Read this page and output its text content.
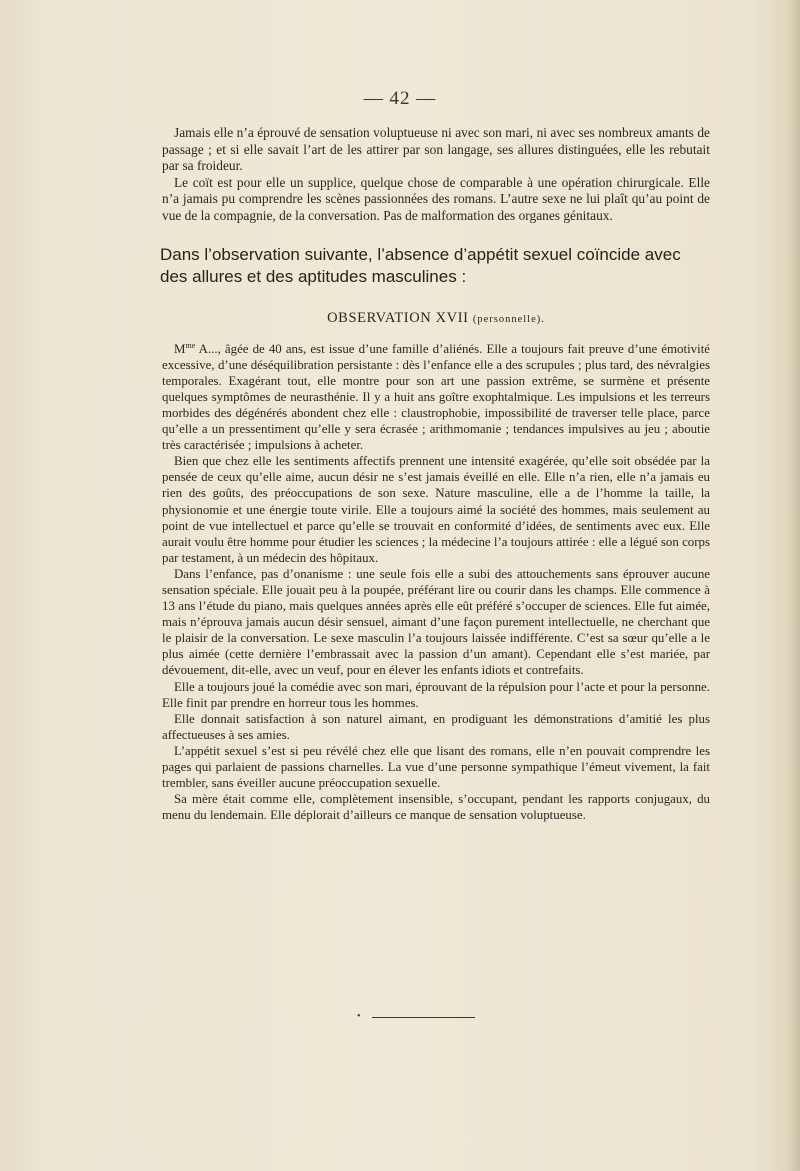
— 42 —

Jamais elle n’a éprouvé de sensation voluptueuse ni avec son mari, ni avec ses nombreux amants de passage ; et si elle savait l’art de les attirer par son langage, ses allures distinguées, elle les rebutait par sa froideur.

Le coït est pour elle un supplice, quelque chose de comparable à une opération chirurgicale. Elle n’a jamais pu comprendre les scènes passionnées des romans. L’autre sexe ne lui plaît qu’au point de vue de la compagnie, de la conversation. Pas de malformation des organes génitaux.

Dans l’observation suivante, l’absence d’appétit sexuel coïncide avec des allures et des aptitudes masculines :
OBSERVATION XVII (personnelle).

$M^{me}$ A..., âgée de 40 ans, est issue d’une famille d’aliénés. Elle a toujours fait preuve d’une émotivité excessive, d’une déséquilibration persistante : dès l’enfance elle a des scrupules ; plus tard, des névralgies temporales. Exagérant tout, elle montre pour son art une passion extrême, se surmène et présente quelques symptômes de neurasthénie. Il y a huit ans goître exophtalmique. Les impulsions et les terreurs morbides des dégénérés abondent chez elle : claustrophobie, impossibilité de traverser telle place, parce qu’elle a un pressentiment qu’elle y sera écrasée ; arithmomanie ; tendances impulsives au jeu ; aboutie très caractérisée ; impulsions à acheter.

Bien que chez elle les sentiments affectifs prennent une intensité exagérée, qu’elle soit obsédée par la pensée de ceux qu’elle aime, aucun désir ne s’est jamais éveillé en elle. Elle n’a rien, elle n’a jamais eu rien des goûts, des préoccupations de son sexe. Nature masculine, elle a de l’homme la taille, la physionomie et une énergie toute virile. Elle a toujours aimé la société des hommes, mais seulement au point de vue intellectuel et parce qu’elle se trouvait en conformité d’idées, de sentiments avec eux. Elle aurait voulu être homme pour étudier les sciences ; la médecine l’a toujours attirée : elle a légué son corps par testament, à un médecin des hôpitaux.

Dans l’enfance, pas d’onanisme : une seule fois elle a subi des attouchements sans éprouver aucune sensation spéciale. Elle jouait peu à la poupée, préférant lire ou courir dans les champs. Elle commence à 13 ans l’étude du piano, mais quelques années après elle eût préféré s’occuper de sciences. Elle fut aimée, mais n’éprouva jamais aucun désir sensuel, aimant d’une façon purement intellectuelle, ne cherchant que le plaisir de la conversation. Le sexe masculin l’a toujours laissée indifférente. C’est sa sœur qu’elle a le plus aimée (cette dernière l’embrassait avec la passion d’un amant). Cependant elle s’est mariée, par dévouement, dit-elle, avec un veuf, pour en élever les enfants idiots et contrefaits.

Elle a toujours joué la comédie avec son mari, éprouvant de la répulsion pour l’acte et pour la personne. Elle finit par prendre en horreur tous les hommes.

Elle donnait satisfaction à son naturel aimant, en prodiguant les démonstrations d’amitié les plus affectueuses à ses amies.

L’appétit sexuel s’est si peu révélé chez elle que lisant des romans, elle n’en pouvait comprendre les pages qui parlaient de passions charnelles. La vue d’une personne sympathique l’émeut vivement, la fait trembler, sans éveiller aucune préoccupation sexuelle.

Sa mère était comme elle, complètement insensible, s’occupant, pendant les rapports conjugaux, du menu du lendemain. Elle déplorait d’ailleurs ce manque de sensation voluptueuse.

•
